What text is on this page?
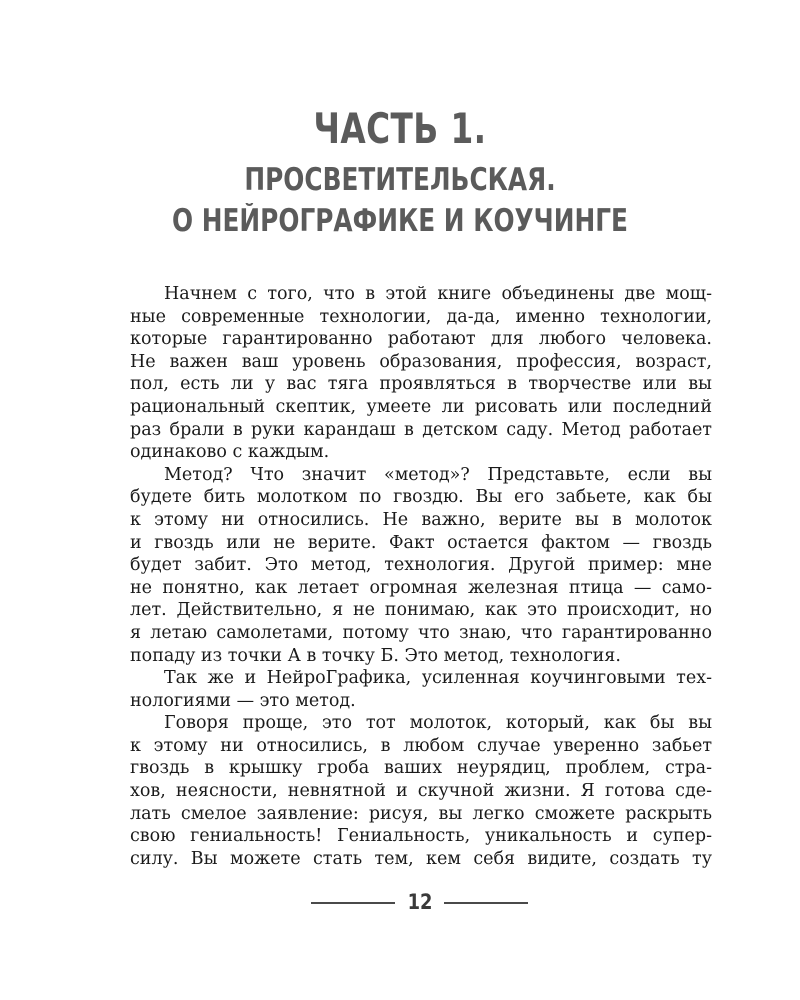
ЧАСТЬ 1.
ПРОСВЕТИТЕЛЬСКАЯ.
О НЕЙРОГРАФИКЕ И КОУЧИНГЕ
Начнем с того, что в этой книге объединены две мощ-
ные современные технологии, да-да, именно технологии,
которые гарантированно работают для любого человека.
Не важен ваш уровень образования, профессия, возраст,
пол, есть ли у вас тяга проявляться в творчестве или вы
рациональный скептик, умеете ли рисовать или последний
раз брали в руки карандаш в детском саду. Метод работает
одинаково с каждым.
Метод? Что значит «метод»? Представьте, если вы
будете бить молотком по гвоздю. Вы его забьете, как бы
к этому ни относились. Не важно, верите вы в молоток
и гвоздь или не верите. Факт остается фактом — гвоздь
будет забит. Это метод, технология. Другой пример: мне
не понятно, как летает огромная железная птица — само-
лет. Действительно, я не понимаю, как это происходит, но
я летаю самолетами, потому что знаю, что гарантированно
попаду из точки А в точку Б. Это метод, технология.
Так же и НейроГрафика, усиленная коучинговыми тех-
нологиями — это метод.
Говоря проще, это тот молоток, который, как бы вы
к этому ни относились, в любом случае уверенно забьет
гвоздь в крышку гроба ваших неурядиц, проблем, стра-
хов, неясности, невнятной и скучной жизни. Я готова сде-
лать смелое заявление: рисуя, вы легко сможете раскрыть
свою гениальность! Гениальность, уникальность и супер-
силу. Вы можете стать тем, кем себя видите, создать ту
12
